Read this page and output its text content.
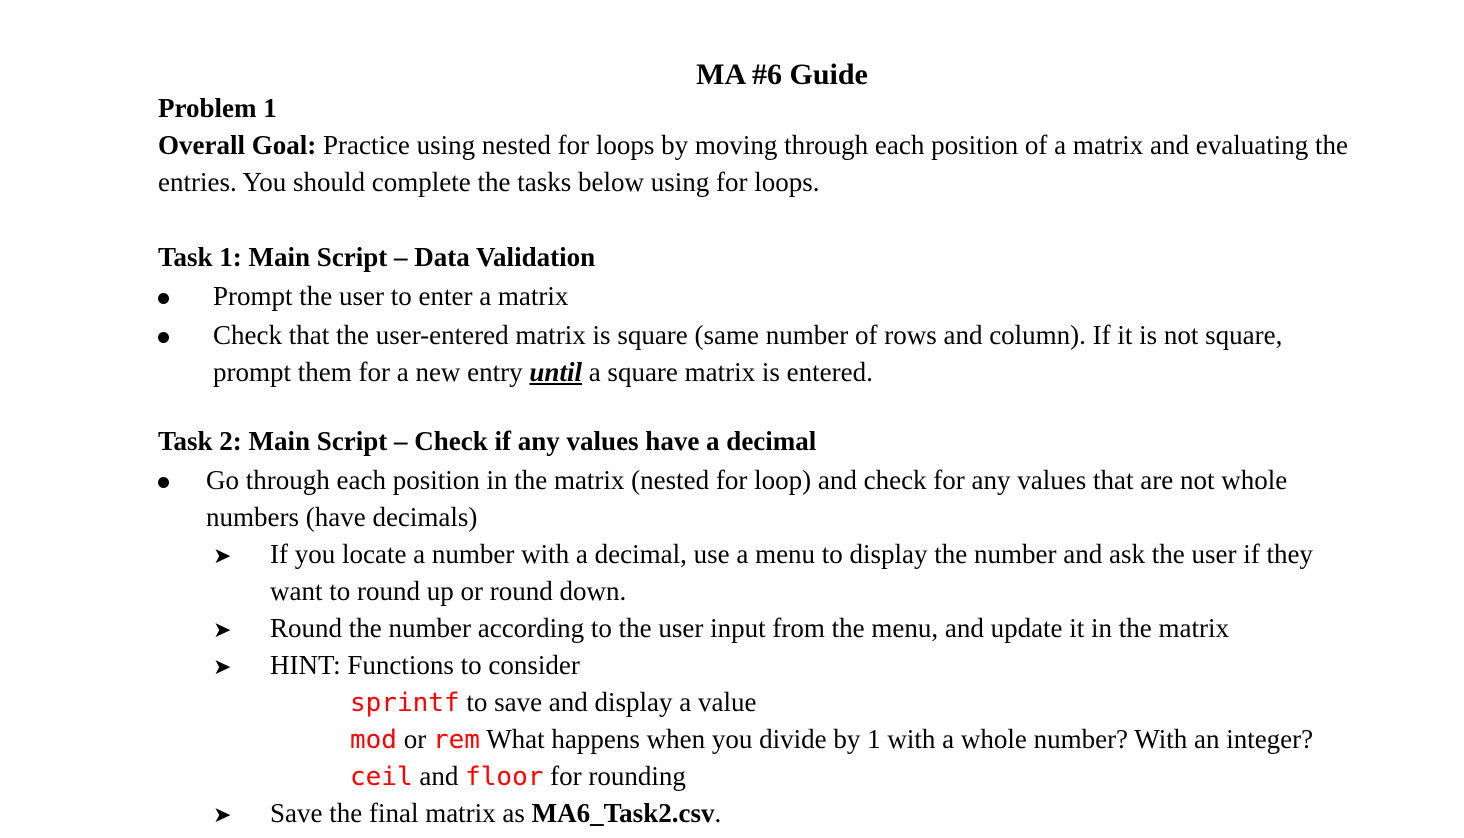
MA #6 Guide
Problem 1
Overall Goal: Practice using nested for loops by moving through each position of a matrix and evaluating the
entries. You should complete the tasks below using for loops.
Task 1: Main Script – Data Validation
Prompt the user to enter a matrix
Check that the user-entered matrix is square (same number of rows and column). If it is not square,
prompt them for a new entry until a square matrix is entered.
Task 2: Main Script – Check if any values have a decimal
Go through each position in the matrix (nested for loop) and check for any values that are not whole
numbers (have decimals)
➤ If you locate a number with a decimal, use a menu to display the number and ask the user if they
want to round up or round down.
➤ Round the number according to the user input from the menu, and update it in the matrix
➤ HINT: Functions to consider
sprintf to save and display a value
mod or rem What happens when you divide by 1 with a whole number? With an integer?
ceil and floor for rounding
➤ Save the final matrix as MA6_Task2.csv.
